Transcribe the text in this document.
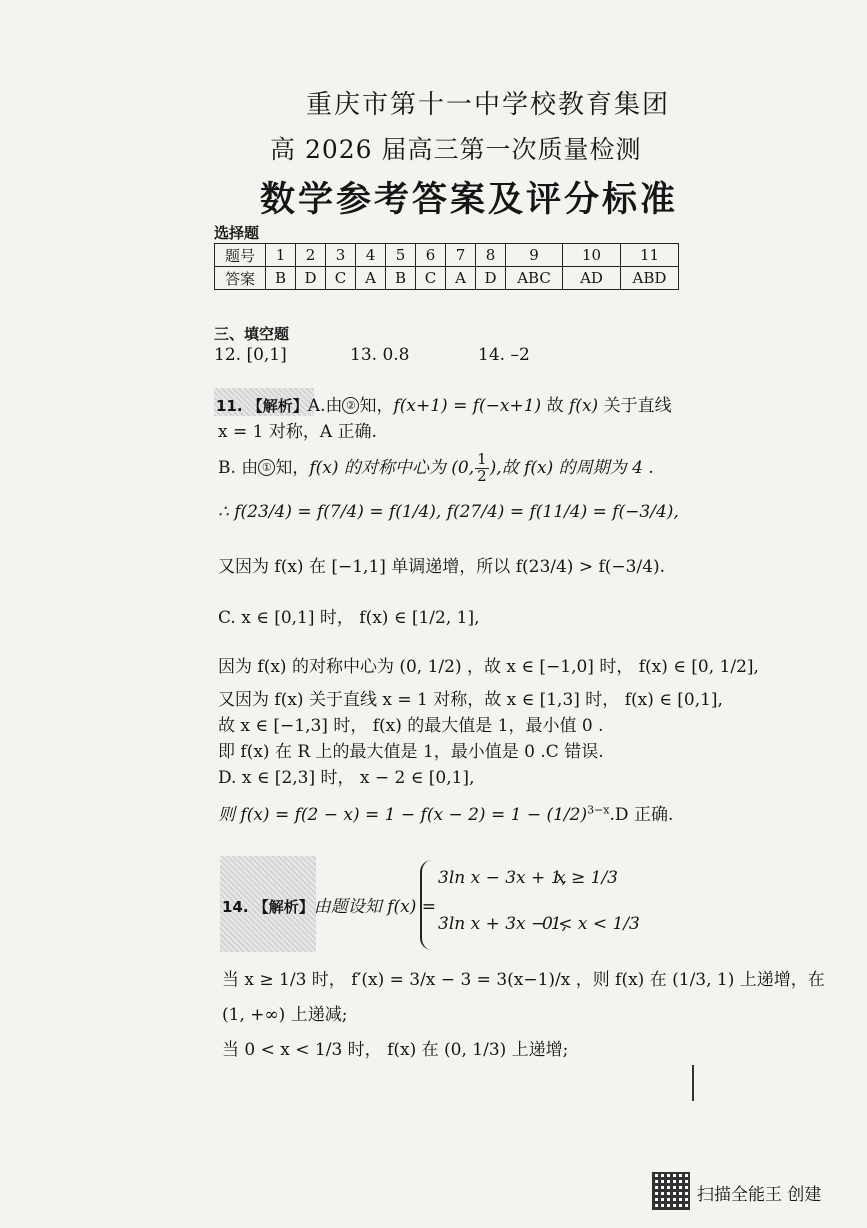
重庆市第十一中学校教育集团
高 2026 届高三第一次质量检测
数学参考答案及评分标准
选择题
题号	1	2	3	4	5	6	7	8	9	10	11
答案	B	D	C	A	B	C	A	D	ABC	AD	ABD
三、填空题
12. [0,1]	13. 0.8	14. –2
11. 【解析】A.由 ② 知，f(x+1) = f(−x+1) 故 f(x) 关于直线
x = 1 对称，A 正确.
B. 由 ① 知，f(x) 的对称中心为 (0, $\frac{1}{2}$ ),故 f(x) 的周期为 4 .
∴ f(23/4) = f(7/4) = f(1/4), f(27/4) = f(11/4) = f(−3/4),
又因为 f(x) 在 [−1,1] 单调递增，所以 f(23/4) > f(−3/4).
C. x ∈ [0,1] 时， f(x) ∈ [1/2, 1],
因为 f(x) 的对称中心为 (0, 1/2) ，故 x ∈ [−1,0] 时， f(x) ∈ [0, 1/2],
又因为 f(x) 关于直线 x = 1 对称，故 x ∈ [1,3] 时， f(x) ∈ [0,1],
故 x ∈ [−1,3] 时， f(x) 的最大值是 1，最小值 0 .
即 f(x) 在 R 上的最大值是 1，最小值是 0 .C 错误.
D. x ∈ [2,3] 时， x − 2 ∈ [0,1],
则 $f(x) = f(2 - x) = 1 - f(x - 2) = 1 - (1/2)^{3-x}.D$ 正确.
14. 【解析】由题设知 f(x) =
3ln x − 3x + 1,
x ≥ 1/3
3ln x + 3x − 1,
0 < x < 1/3
当 x ≥ 1/3 时， f′(x) = 3/x − 3 = 3(x−1)/x ，则 f(x) 在 (1/3, 1) 上递增，在
(1, +∞) 上递减;
当 0 < x < 1/3 时， f(x) 在 (0, 1/3) 上递增;
扫描全能王 创建
